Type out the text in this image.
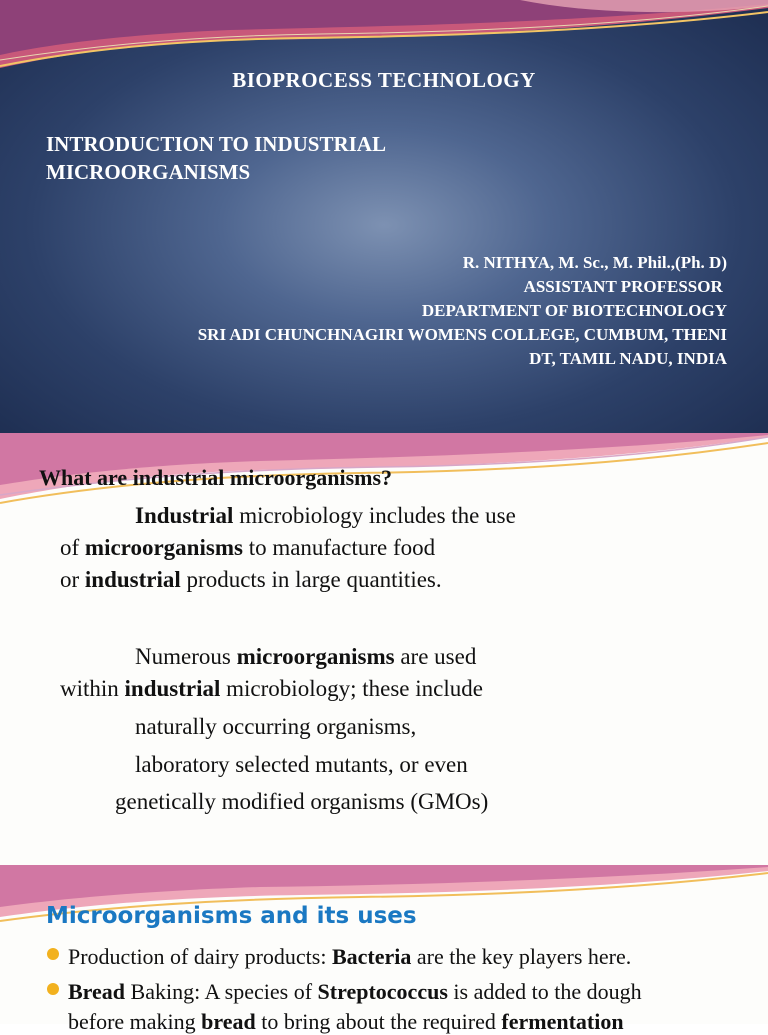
BIOPROCESS TECHNOLOGY
INTRODUCTION TO INDUSTRIAL
MICROORGANISMS
R. NITHYA, M. Sc., M. Phil.,(Ph. D)
ASSISTANT PROFESSOR
DEPARTMENT OF BIOTECHNOLOGY
SRI ADI CHUNCHNAGIRI WOMENS COLLEGE, CUMBUM, THENI
DT, TAMIL NADU, INDIA
What are industrial microorganisms?
Industrial microbiology includes the use
of microorganisms to manufacture food
or industrial products in large quantities.
Numerous microorganisms are used
within industrial microbiology; these include
naturally occurring organisms,
laboratory selected mutants, or even
genetically modified organisms (GMOs)
Microorganisms and its uses
Production of dairy products: Bacteria are the key players here.
Bread Baking: A species of Streptococcus is added to the dough
before making bread to bring about the required fermentation
